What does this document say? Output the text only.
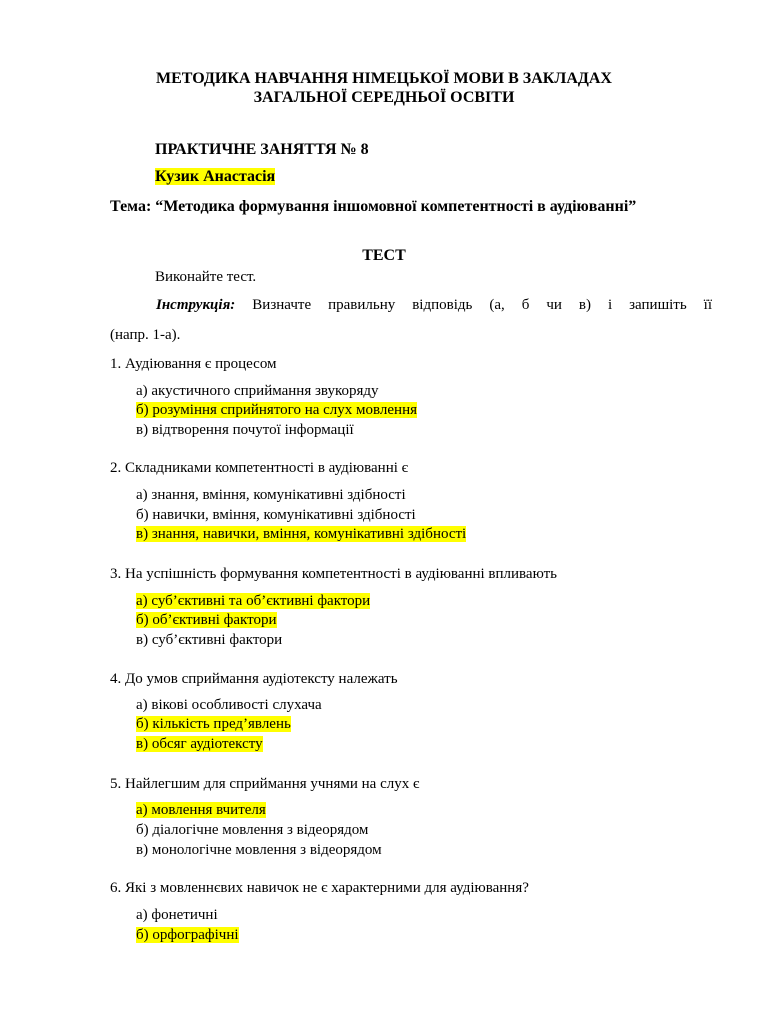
МЕТОДИКА НАВЧАННЯ НІМЕЦЬКОЇ МОВИ В ЗАКЛАДАХ
ЗАГАЛЬНОЇ СЕРЕДНЬОЇ ОСВІТИ
ПРАКТИЧНЕ ЗАНЯТТЯ № 8
Кузик Анастасія
Тема: “Методика формування іншомовної компетентності в аудіюванні”
ТЕСТ
Виконайте тест.
Інструкція: Визначте правильну відповідь (а, б чи в) і запишіть її
(напр. 1-а).
1. Аудіювання є процесом
а) акустичного сприймання звукоряду
б) розуміння сприйнятого на слух мовлення
в) відтворення почутої інформації
2. Складниками компетентності в аудіюванні є
а) знання, вміння, комунікативні здібності
б) навички, вміння, комунікативні здібності
в) знання, навички, вміння, комунікативні здібності
3. На успішність формування компетентності в аудіюванні впливають
а) суб’єктивні та об’єктивні фактори
б) об’єктивні фактори
в) суб’єктивні фактори
4. До умов сприймання аудіотексту належать
а) вікові особливості слухача
б) кількість пред’явлень
в) обсяг аудіотексту
5. Найлегшим для сприймання учнями на слух є
а) мовлення вчителя
б) діалогічне мовлення з відеорядом
в) монологічне мовлення з відеорядом
6. Які з мовленнєвих навичок не є характерними для аудіювання?
а) фонетичні
б) орфографічні
